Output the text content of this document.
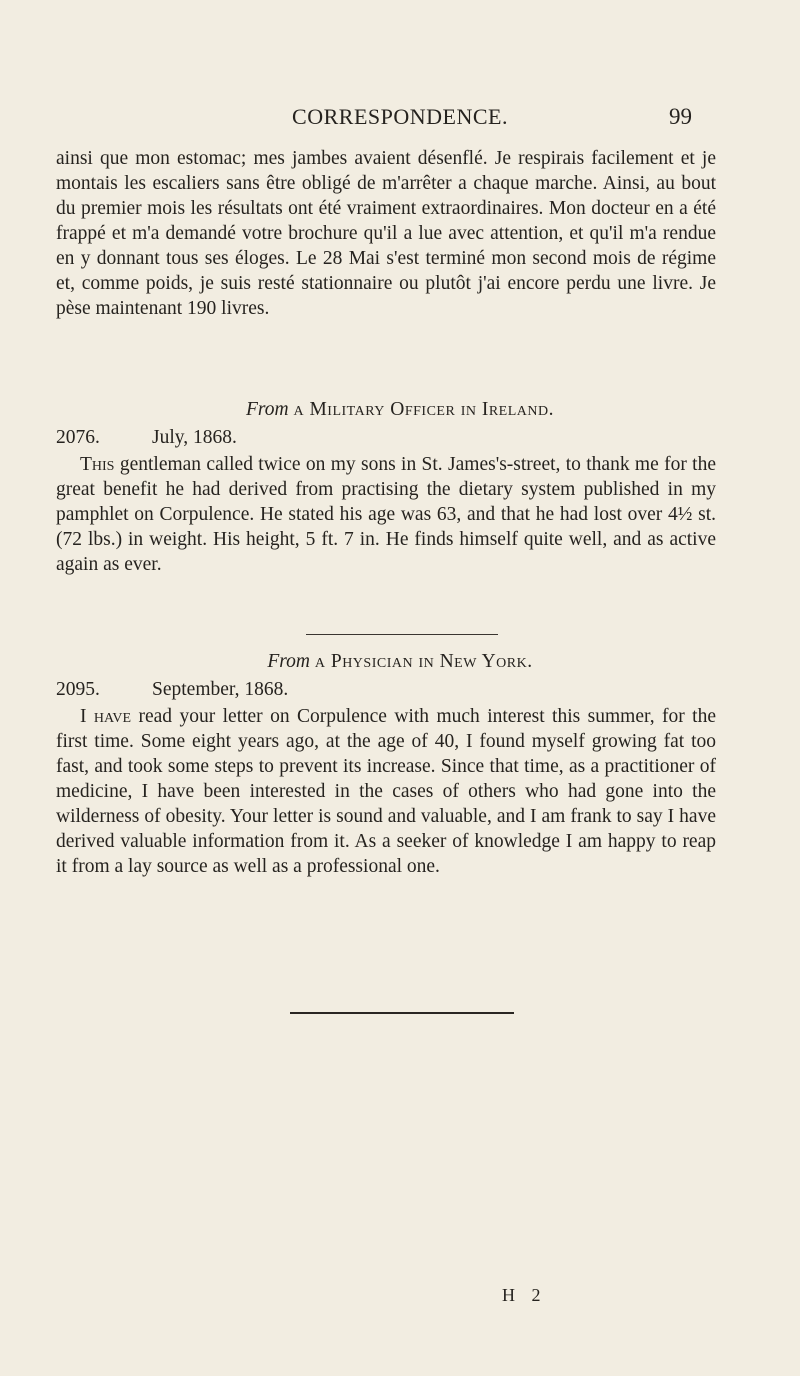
CORRESPONDENCE.	99

ainsi que mon estomac; mes jambes avaient désenflé. Je respirais facilement et je montais les escaliers sans être obligé de m'arrêter a chaque marche. Ainsi, au bout du premier mois les résultats ont été vraiment extraordinaires. Mon docteur en a été frappé et m'a demandé votre brochure qu'il a lue avec attention, et qu'il m'a rendue en y donnant tous ses éloges. Le 28 Mai s'est terminé mon second mois de régime et, comme poids, je suis resté stationnaire ou plutôt j'ai encore perdu une livre. Je pèse maintenant 190 livres.

From a Military Officer in Ireland.
2076.	July, 1868.

This gentleman called twice on my sons in St. James's-street, to thank me for the great benefit he had derived from practising the dietary system published in my pamphlet on Corpulence. He stated his age was 63, and that he had lost over 4½ st. (72 lbs.) in weight. His height, 5 ft. 7 in. He finds himself quite well, and as active again as ever.

From a Physician in New York.
2095.	September, 1868.

I have read your letter on Corpulence with much interest this summer, for the first time. Some eight years ago, at the age of 40, I found myself growing fat too fast, and took some steps to prevent its increase. Since that time, as a practitioner of medicine, I have been interested in the cases of others who had gone into the wilderness of obesity. Your letter is sound and valuable, and I am frank to say I have derived valuable information from it. As a seeker of knowledge I am happy to reap it from a lay source as well as a professional one.

H 2
